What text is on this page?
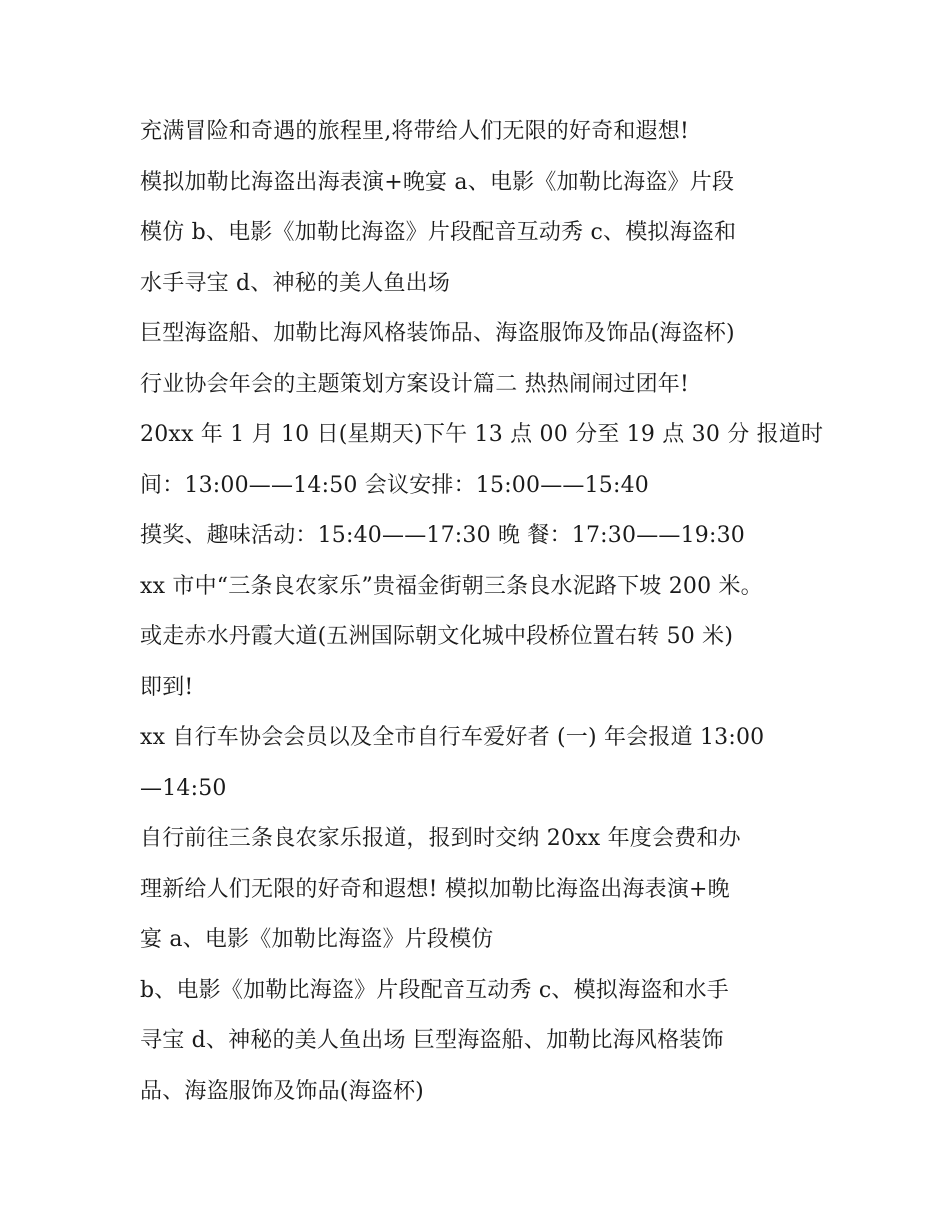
充满冒险和奇遇的旅程里,将带给人们无限的好奇和遐想!
模拟加勒比海盗出海表演+晚宴 a、电影《加勒比海盗》片段
模仿 b、电影《加勒比海盗》片段配音互动秀 c、模拟海盗和
水手寻宝 d、神秘的美人鱼出场
巨型海盗船、加勒比海风格装饰品、海盗服饰及饰品(海盗杯)
行业协会年会的主题策划方案设计篇二 热热闹闹过团年!
20xx 年 1 月 10 日(星期天)下午 13 点 00 分至 19 点 30 分 报道时
间：13:00——14:50 会议安排：15:00——15:40
摸奖、趣味活动：15:40——17:30 晚 餐：17:30——19:30
xx 市中“三条良农家乐”贵福金街朝三条良水泥路下坡 200 米。
或走赤水丹霞大道(五洲国际朝文化城中段桥位置右转 50 米)
即到!
xx 自行车协会会员以及全市自行车爱好者 (一) 年会报道 13:00
—14:50
自行前往三条良农家乐报道，报到时交纳 20xx 年度会费和办
理新给人们无限的好奇和遐想! 模拟加勒比海盗出海表演+晚
宴 a、电影《加勒比海盗》片段模仿
b、电影《加勒比海盗》片段配音互动秀 c、模拟海盗和水手
寻宝 d、神秘的美人鱼出场 巨型海盗船、加勒比海风格装饰
品、海盗服饰及饰品(海盗杯)
